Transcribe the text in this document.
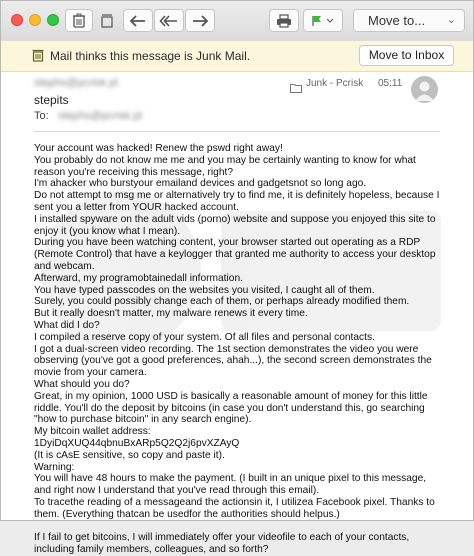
Move to... ⌄
Mail thinks this message is Junk Mail.	Move to Inbox
stephs@pcrisk.pl
stepits
To: stephs@pcrisk.pl
Junk - Pcrisk 05:11

Your account was hacked! Renew the pswd right away!

You probably do not know me me and you may be certainly wanting to know for what reason you're receiving this message, right?

I'm ahacker who burstyour emailand devices and gadgetsnot so long ago.

Do not attempt to msg me or alternatively try to find me, it is definitely hopeless, because I sent you a letter from YOUR hacked account.

I installed spyware on the adult vids (porno) website and suppose you enjoyed this site to enjoy it (you know what I mean).

During you have been watching content, your browser started out operating as a RDP (Remote Control) that have a keylogger that granted me authority to access your desktop and webcam.

Afterward, my programobtainedall information.

You have typed passcodes on the websites you visited, I caught all of them.

Surely, you could possibly change each of them, or perhaps already modified them.

But it really doesn't matter, my malware renews it every time.

What did I do?

I compiled a reserve copy of your system. Of all files and personal contacts.

I got a dual-screen video recording. The 1st section demonstrates the video you were observing (you've got a good preferences, ahah...), the second screen demonstrates the movie from your camera.

What should you do?

Great, in my opinion, 1000 USD is basically a reasonable amount of money for this little riddle. You'll do the deposit by bitcoins (in case you don't understand this, go searching "how to purchase bitcoin" in any search engine).

My bitcoin wallet address:

1DyiDqXUQ44qbnuBxARp5Q2Q2j6pvXZAyQ

(It is cAsE sensitive, so copy and paste it).

Warning:

You will have 48 hours to make the payment. (I built in an unique pixel to this message, and right now I understand that you've read through this email).

To tracethe reading of a messageand the actionsin it, I utilizea Facebook pixel. Thanks to them. (Everything thatcan be usedfor the authorities should helpus.)

If I fail to get bitcoins, I will immediately offer your videofile to each of your contacts, including family members, colleagues, and so forth?
